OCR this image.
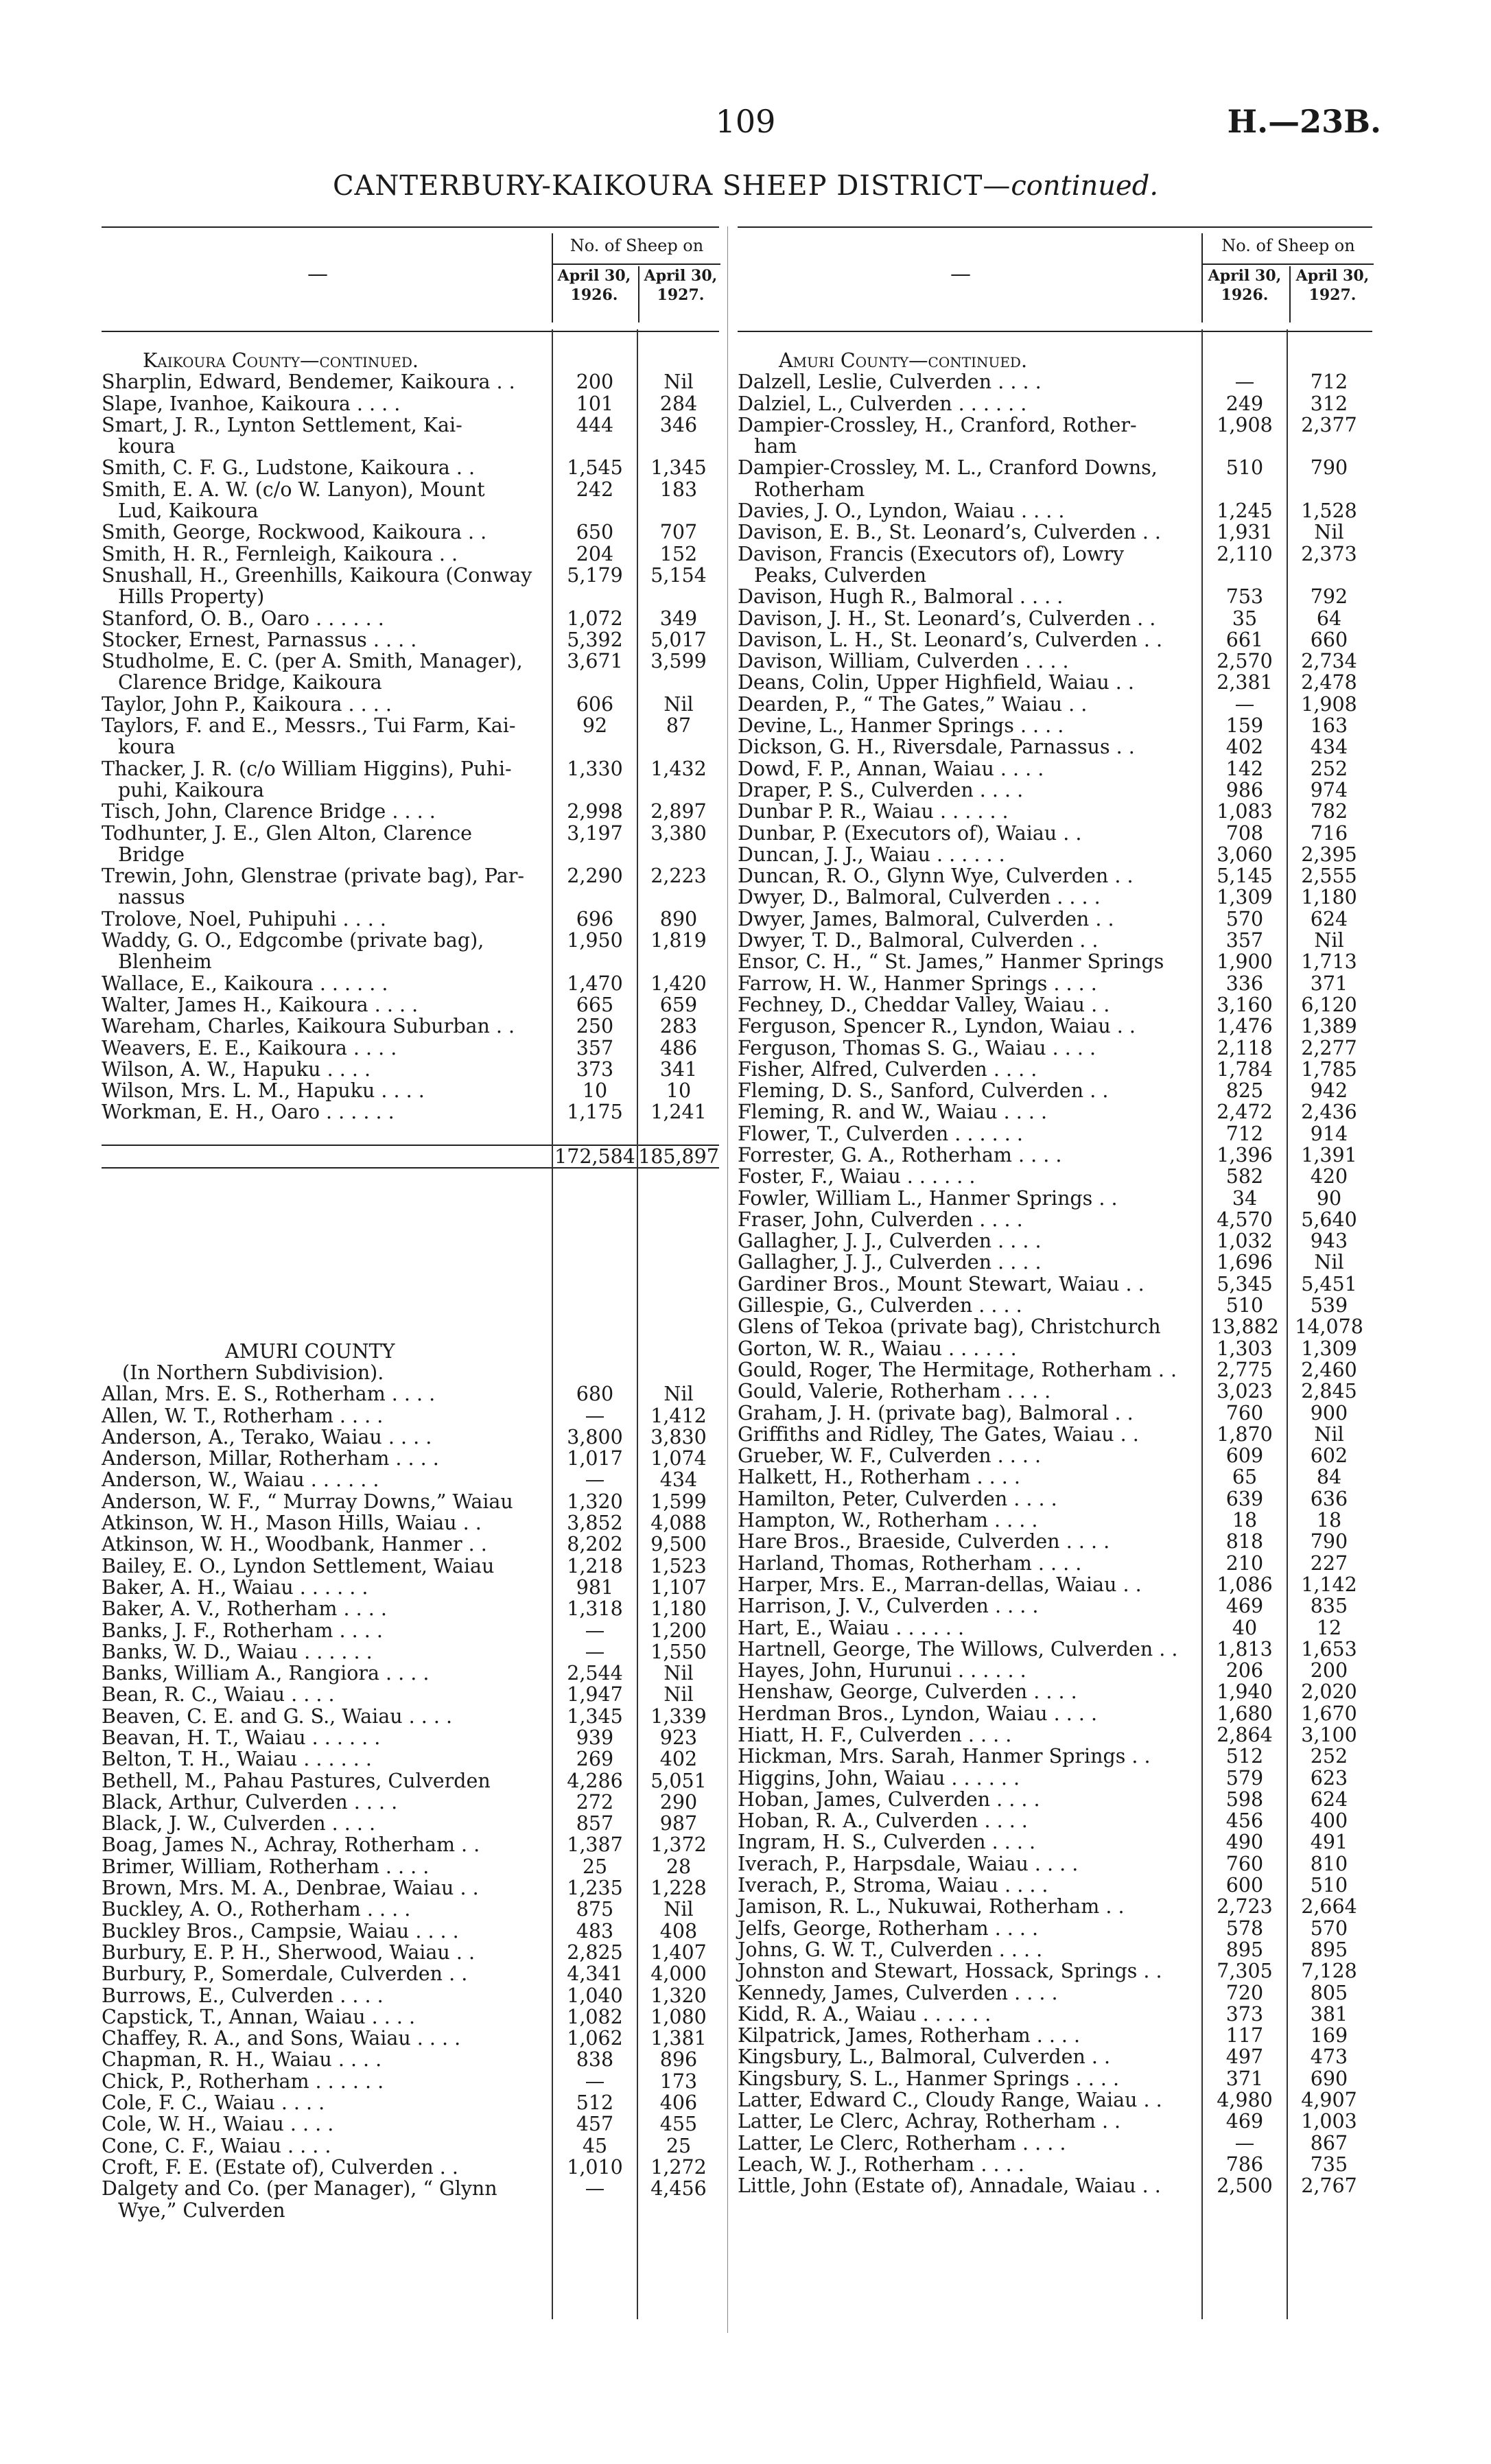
109	H.—23B.
CANTERBURY-KAIKOURA SHEEP DISTRICT—continued.
—
No. of Sheep on
April 30, 1926.
April 30, 1927.
Kaikoura County—continued.
Sharplin, Edward, Bendemer, Kaikoura . .	200	Nil
Slape, Ivanhoe, Kaikoura . . . .	101	284
Smart, J. R., Lynton Settlement, Kai-	444	346
koura
Smith, C. F. G., Ludstone, Kaikoura . .	1,545	1,345
Smith, E. A. W. (c/o W. Lanyon), Mount	242	183
Lud, Kaikoura
Smith, George, Rockwood, Kaikoura . .	650	707
Smith, H. R., Fernleigh, Kaikoura . .	204	152
Snushall, H., Greenhills, Kaikoura (Conway	5,179	5,154
Hills Property)
Stanford, O. B., Oaro . . . . . .	1,072	349
Stocker, Ernest, Parnassus . . . .	5,392	5,017
Studholme, E. C. (per A. Smith, Manager),	3,671	3,599
Clarence Bridge, Kaikoura
Taylor, John P., Kaikoura . . . .	606	Nil
Taylors, F. and E., Messrs., Tui Farm, Kai-	92	87
koura
Thacker, J. R. (c/o William Higgins), Puhi-	1,330	1,432
puhi, Kaikoura
Tisch, John, Clarence Bridge . . . .	2,998	2,897
Todhunter, J. E., Glen Alton, Clarence	3,197	3,380
Bridge
Trewin, John, Glenstrae (private bag), Par-	2,290	2,223
nassus
Trolove, Noel, Puhipuhi . . . .	696	890
Waddy, G. O., Edgcombe (private bag),	1,950	1,819
Blenheim
Wallace, E., Kaikoura . . . . . .	1,470	1,420
Walter, James H., Kaikoura . . . .	665	659
Wareham, Charles, Kaikoura Suburban . .	250	283
Weavers, E. E., Kaikoura . . . .	357	486
Wilson, A. W., Hapuku . . . .	373	341
Wilson, Mrs. L. M., Hapuku . . . .	10	10
Workman, E. H., Oaro . . . . . .	1,175	1,241
172,584 185,897
AMURI COUNTY
(In Northern Subdivision).
Allan, Mrs. E. S., Rotherham . . . .	680	Nil
Allen, W. T., Rotherham . . . .	—	1,412
Anderson, A., Terako, Waiau . . . .	3,800	3,830
Anderson, Millar, Rotherham . . . .	1,017	1,074
Anderson, W., Waiau . . . . . .	—	434
Anderson, W. F., “ Murray Downs,” Waiau	1,320	1,599
Atkinson, W. H., Mason Hills, Waiau . .	3,852	4,088
Atkinson, W. H., Woodbank, Hanmer . .	8,202	9,500
Bailey, E. O., Lyndon Settlement, Waiau	1,218	1,523
Baker, A. H., Waiau . . . . . .	981	1,107
Baker, A. V., Rotherham . . . .	1,318	1,180
Banks, J. F., Rotherham . . . .	—	1,200
Banks, W. D., Waiau . . . . . .	—	1,550
Banks, William A., Rangiora . . . .	2,544	Nil
Bean, R. C., Waiau . . . .	1,947	Nil
Beaven, C. E. and G. S., Waiau . . . .	1,345	1,339
Beavan, H. T., Waiau . . . . . .	939	923
Belton, T. H., Waiau . . . . . .	269	402
Bethell, M., Pahau Pastures, Culverden	4,286	5,051
Black, Arthur, Culverden . . . .	272	290
Black, J. W., Culverden . . . .	857	987
Boag, James N., Achray, Rotherham . .	1,387	1,372
Brimer, William, Rotherham . . . .	25	28
Brown, Mrs. M. A., Denbrae, Waiau . .	1,235	1,228
Buckley, A. O., Rotherham . . . .	875	Nil
Buckley Bros., Campsie, Waiau . . . .	483	408
Burbury, E. P. H., Sherwood, Waiau . .	2,825	1,407
Burbury, P., Somerdale, Culverden . .	4,341	4,000
Burrows, E., Culverden . . . .	1,040	1,320
Capstick, T., Annan, Waiau . . . .	1,082	1,080
Chaffey, R. A., and Sons, Waiau . . . .	1,062	1,381
Chapman, R. H., Waiau . . . .	838	896
Chick, P., Rotherham . . . . . .	—	173
Cole, F. C., Waiau . . . .	512	406
Cole, W. H., Waiau . . . .	457	455
Cone, C. F., Waiau . . . .	45	25
Croft, F. E. (Estate of), Culverden . .	1,010	1,272
Dalgety and Co. (per Manager), “ Glynn	—	4,456
Wye,” Culverden
—
No. of Sheep on
April 30, 1926.
April 30, 1927.
Amuri County—continued.
Dalzell, Leslie, Culverden . . . .	—	712
Dalziel, L., Culverden . . . . . .	249	312
Dampier-Crossley, H., Cranford, Rother-	1,908	2,377
ham
Dampier-Crossley, M. L., Cranford Downs,	510	790
Rotherham
Davies, J. O., Lyndon, Waiau . . . .	1,245	1,528
Davison, E. B., St. Leonard’s, Culverden . .	1,931	Nil
Davison, Francis (Executors of), Lowry	2,110	2,373
Peaks, Culverden
Davison, Hugh R., Balmoral . . . .	753	792
Davison, J. H., St. Leonard’s, Culverden . .	35	64
Davison, L. H., St. Leonard’s, Culverden . .	661	660
Davison, William, Culverden . . . .	2,570	2,734
Deans, Colin, Upper Highfield, Waiau . .	2,381	2,478
Dearden, P., “ The Gates,” Waiau . .	—	1,908
Devine, L., Hanmer Springs . . . .	159	163
Dickson, G. H., Riversdale, Parnassus . .	402	434
Dowd, F. P., Annan, Waiau . . . .	142	252
Draper, P. S., Culverden . . . .	986	974
Dunbar P. R., Waiau . . . . . .	1,083	782
Dunbar, P. (Executors of), Waiau . .	708	716
Duncan, J. J., Waiau . . . . . .	3,060	2,395
Duncan, R. O., Glynn Wye, Culverden . .	5,145	2,555
Dwyer, D., Balmoral, Culverden . . . .	1,309	1,180
Dwyer, James, Balmoral, Culverden . .	570	624
Dwyer, T. D., Balmoral, Culverden . .	357	Nil
Ensor, C. H., “ St. James,” Hanmer Springs	1,900	1,713
Farrow, H. W., Hanmer Springs . . . .	336	371
Fechney, D., Cheddar Valley, Waiau . .	3,160	6,120
Ferguson, Spencer R., Lyndon, Waiau . .	1,476	1,389
Ferguson, Thomas S. G., Waiau . . . .	2,118	2,277
Fisher, Alfred, Culverden . . . .	1,784	1,785
Fleming, D. S., Sanford, Culverden . .	825	942
Fleming, R. and W., Waiau . . . .	2,472	2,436
Flower, T., Culverden . . . . . .	712	914
Forrester, G. A., Rotherham . . . .	1,396	1,391
Foster, F., Waiau . . . . . .	582	420
Fowler, William L., Hanmer Springs . .	34	90
Fraser, John, Culverden . . . .	4,570	5,640
Gallagher, J. J., Culverden . . . .	1,032	943
Gallagher, J. J., Culverden . . . .	1,696	Nil
Gardiner Bros., Mount Stewart, Waiau . .	5,345	5,451
Gillespie, G., Culverden . . . .	510	539
Glens of Tekoa (private bag), Christchurch	13,882 14,078
Gorton, W. R., Waiau . . . . . .	1,303	1,309
Gould, Roger, The Hermitage, Rotherham . .	2,775	2,460
Gould, Valerie, Rotherham . . . .	3,023	2,845
Graham, J. H. (private bag), Balmoral . .	760	900
Griffiths and Ridley, The Gates, Waiau . .	1,870	Nil
Grueber, W. F., Culverden . . . .	609	602
Halkett, H., Rotherham . . . .	65	84
Hamilton, Peter, Culverden . . . .	639	636
Hampton, W., Rotherham . . . .	18	18
Hare Bros., Braeside, Culverden . . . .	818	790
Harland, Thomas, Rotherham . . . .	210	227
Harper, Mrs. E., Marran-dellas, Waiau . .	1,086	1,142
Harrison, J. V., Culverden . . . .	469	835
Hart, E., Waiau . . . . . .	40	12
Hartnell, George, The Willows, Culverden . .	1,813	1,653
Hayes, John, Hurunui . . . . . .	206	200
Henshaw, George, Culverden . . . .	1,940	2,020
Herdman Bros., Lyndon, Waiau . . . .	1,680	1,670
Hiatt, H. F., Culverden . . . .	2,864	3,100
Hickman, Mrs. Sarah, Hanmer Springs . .	512	252
Higgins, John, Waiau . . . . . .	579	623
Hoban, James, Culverden . . . .	598	624
Hoban, R. A., Culverden . . . .	456	400
Ingram, H. S., Culverden . . . .	490	491
Iverach, P., Harpsdale, Waiau . . . .	760	810
Iverach, P., Stroma, Waiau . . . .	600	510
Jamison, R. L., Nukuwai, Rotherham . .	2,723	2,664
Jelfs, George, Rotherham . . . .	578	570
Johns, G. W. T., Culverden . . . .	895	895
Johnston and Stewart, Hossack, Springs . .	7,305	7,128
Kennedy, James, Culverden . . . .	720	805
Kidd, R. A., Waiau . . . . . .	373	381
Kilpatrick, James, Rotherham . . . .	117	169
Kingsbury, L., Balmoral, Culverden . .	497	473
Kingsbury, S. L., Hanmer Springs . . . .	371	690
Latter, Edward C., Cloudy Range, Waiau . .	4,980	4,907
Latter, Le Clerc, Achray, Rotherham . .	469	1,003
Latter, Le Clerc, Rotherham . . . .	—	867
Leach, W. J., Rotherham . . . .	786	735
Little, John (Estate of), Annadale, Waiau . .	2,500	2,767
